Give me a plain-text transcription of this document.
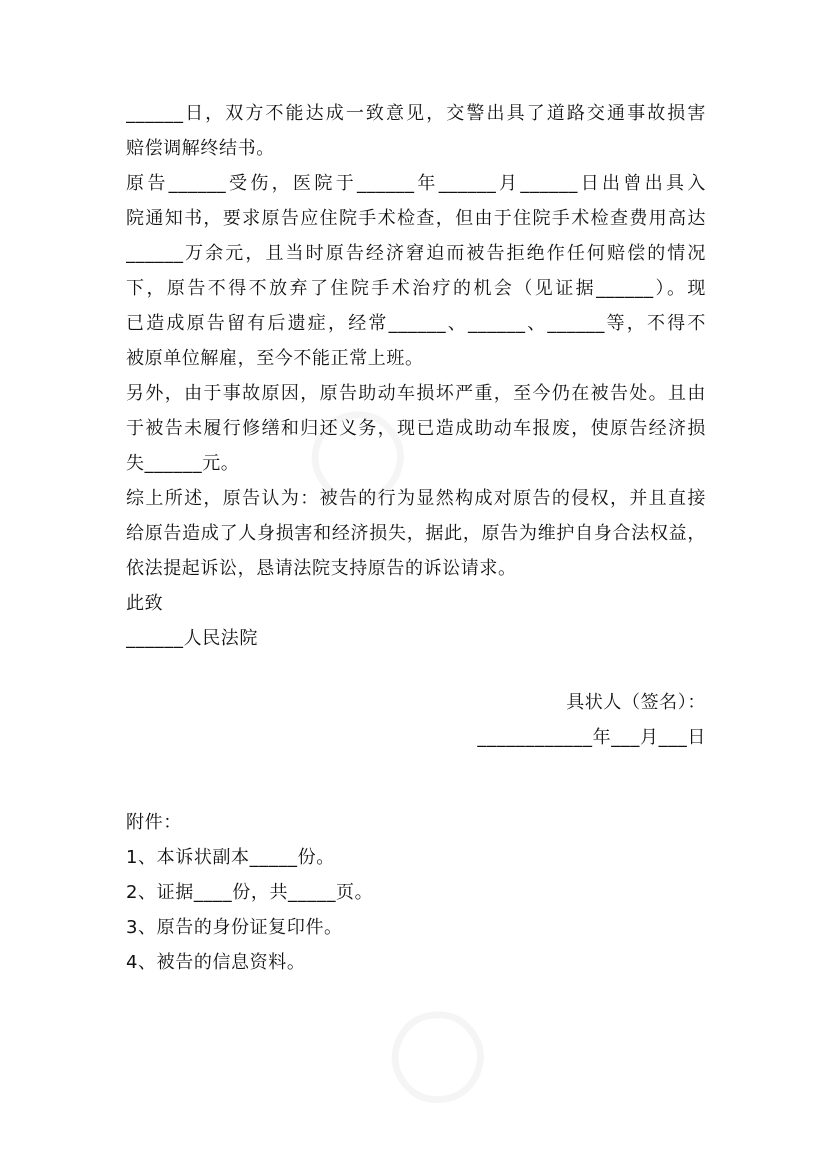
______日，双方不能达成一致意见，交警出具了道路交通事故损害
赔偿调解终结书。
原告______受伤，医院于______年______月______日出曾出具入
院通知书，要求原告应住院手术检查，但由于住院手术检查费用高达
______万余元，且当时原告经济窘迫而被告拒绝作任何赔偿的情况
下，原告不得不放弃了住院手术治疗的机会（见证据______）。现
已造成原告留有后遗症，经常______、______、______等，不得不
被原单位解雇，至今不能正常上班。
另外，由于事故原因，原告助动车损坏严重，至今仍在被告处。且由
于被告未履行修缮和归还义务，现已造成助动车报废，使原告经济损
失______元。
综上所述，原告认为：被告的行为显然构成对原告的侵权，并且直接
给原告造成了人身损害和经济损失，据此，原告为维护自身合法权益，
依法提起诉讼，恳请法院支持原告的诉讼请求。
此致
______人民法院
具状人（签名）：
____________年___月___日
附件：
1、本诉状副本_____份。
2、证据____份，共_____页。
3、原告的身份证复印件。
4、被告的信息资料。
